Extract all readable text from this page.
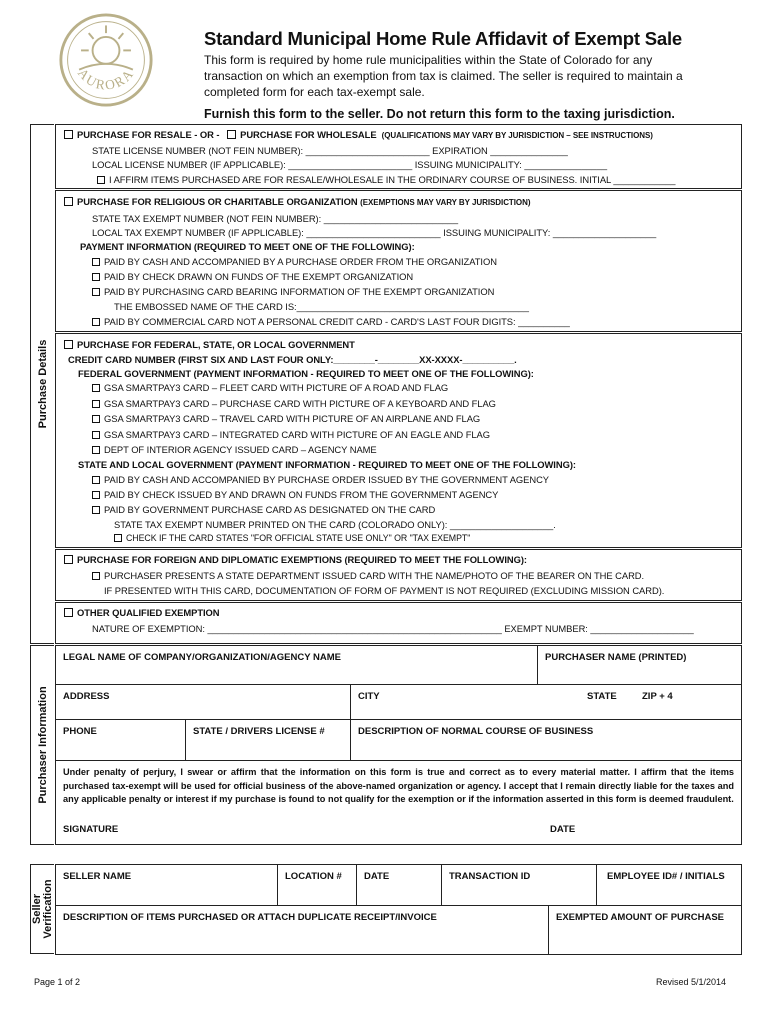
AURORA
Standard Municipal Home Rule Affidavit of Exempt Sale
This form is required by home rule municipalities within the State of Colorado for any
transaction on which an exemption from tax is claimed. The seller is required to maintain a
completed form for each tax-exempt sale.
Furnish this form to the seller. Do not return this form to the taxing jurisdiction.
Purchase Details
Purchaser Information
Seller Verification
PURCHASE FOR RESALE - OR -   PURCHASE FOR WHOLESALE (QUALIFICATIONS MAY VARY BY JURISDICTION – SEE INSTRUCTIONS)
STATE LICENSE NUMBER (NOT FEIN NUMBER): ________________________ EXPIRATION _______________
LOCAL LICENSE NUMBER (IF APPLICABLE): ________________________ ISSUING MUNICIPALITY: ________________
I AFFIRM ITEMS PURCHASED ARE FOR RESALE/WHOLESALE IN THE ORDINARY COURSE OF BUSINESS. INITIAL ____________
PURCHASE FOR RELIGIOUS OR CHARITABLE ORGANIZATION (EXEMPTIONS MAY VARY BY JURISDICTION)
STATE TAX EXEMPT NUMBER (NOT FEIN NUMBER): __________________________
LOCAL TAX EXEMPT NUMBER (IF APPLICABLE): __________________________ ISSUING MUNICIPALITY: ____________________
PAYMENT INFORMATION (REQUIRED TO MEET ONE OF THE FOLLOWING):
PAID BY CASH AND ACCOMPANIED BY A PURCHASE ORDER FROM THE ORGANIZATION
PAID BY CHECK DRAWN ON FUNDS OF THE EXEMPT ORGANIZATION
PAID BY PURCHASING CARD BEARING INFORMATION OF THE EXEMPT ORGANIZATION
THE EMBOSSED NAME OF THE CARD IS:_____________________________________________
PAID BY COMMERCIAL CARD NOT A PERSONAL CREDIT CARD - CARD'S LAST FOUR DIGITS: __________
PURCHASE FOR FEDERAL, STATE, OR LOCAL GOVERNMENT
CREDIT CARD NUMBER (FIRST SIX AND LAST FOUR ONLY:________-________XX-XXXX-__________.
FEDERAL GOVERNMENT (PAYMENT INFORMATION - REQUIRED TO MEET ONE OF THE FOLLOWING):
GSA SMARTPAY3 CARD – FLEET CARD WITH PICTURE OF A ROAD AND FLAG
GSA SMARTPAY3 CARD – PURCHASE CARD WITH PICTURE OF A KEYBOARD AND FLAG
GSA SMARTPAY3 CARD – TRAVEL CARD WITH PICTURE OF AN AIRPLANE AND FLAG
GSA SMARTPAY3 CARD – INTEGRATED CARD WITH PICTURE OF AN EAGLE AND FLAG
DEPT OF INTERIOR AGENCY ISSUED CARD – AGENCY NAME
STATE AND LOCAL GOVERNMENT (PAYMENT INFORMATION - REQUIRED TO MEET ONE OF THE FOLLOWING):
PAID BY CASH AND ACCOMPANIED BY PURCHASE ORDER ISSUED BY THE GOVERNMENT AGENCY
PAID BY CHECK ISSUED BY AND DRAWN ON FUNDS FROM THE GOVERNMENT AGENCY
PAID BY GOVERNMENT PURCHASE CARD AS DESIGNATED ON THE CARD
STATE TAX EXEMPT NUMBER PRINTED ON THE CARD (COLORADO ONLY): ____________________.
CHECK IF THE CARD STATES "FOR OFFICIAL STATE USE ONLY" OR "TAX EXEMPT"
PURCHASE FOR FOREIGN AND DIPLOMATIC EXEMPTIONS (REQUIRED TO MEET THE FOLLOWING):
PURCHASER PRESENTS A STATE DEPARTMENT ISSUED CARD WITH THE NAME/PHOTO OF THE BEARER ON THE CARD.
IF PRESENTED WITH THIS CARD, DOCUMENTATION OF FORM OF PAYMENT IS NOT REQUIRED (EXCLUDING MISSION CARD).
OTHER QUALIFIED EXEMPTION
NATURE OF EXEMPTION: _________________________________________________________ EXEMPT NUMBER: ____________________
LEGAL NAME OF COMPANY/ORGANIZATION/AGENCY NAME	PURCHASER NAME (PRINTED)
ADDRESS	CITY	STATE	ZIP + 4
PHONE	STATE / DRIVERS LICENSE #	DESCRIPTION OF NORMAL COURSE OF BUSINESS
Under penalty of perjury, I swear or affirm that the information on this form is true and correct as to every material matter. I affirm that the items purchased tax-exempt will be used for official business of the above-named organization or agency. I accept that I remain directly liable for the taxes and any applicable penalty or interest if my purchase is found to not qualify for the exemption or if the information asserted in this form is deemed fraudulent.
SIGNATURE	DATE
SELLER NAME	LOCATION #	DATE	TRANSACTION ID	EMPLOYEE ID# / INITIALS
DESCRIPTION OF ITEMS PURCHASED OR ATTACH DUPLICATE RECEIPT/INVOICE	EXEMPTED AMOUNT OF PURCHASE
Page 1 of 2	Revised 5/1/2014
